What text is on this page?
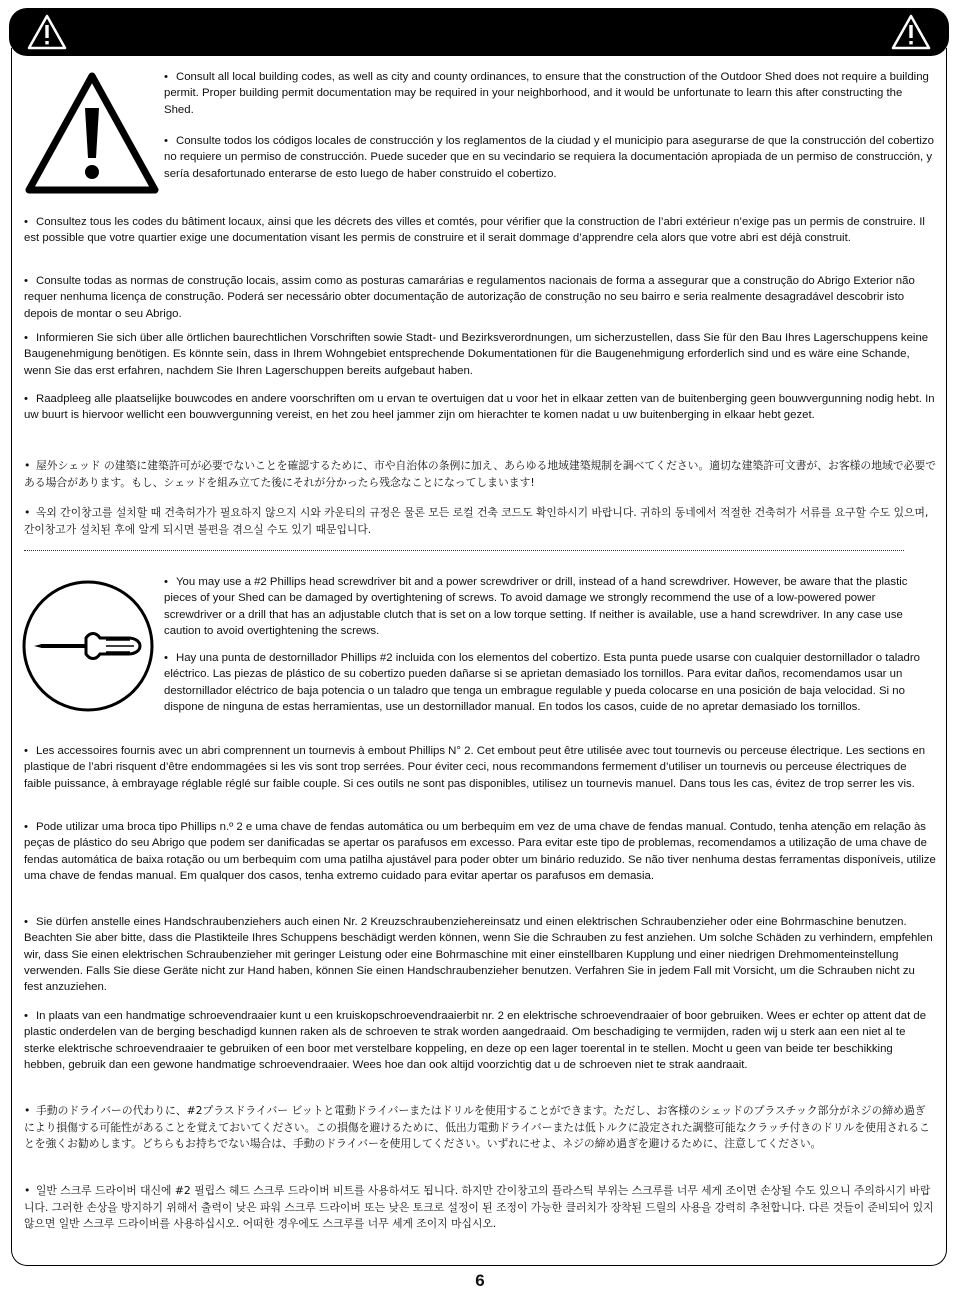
• Consult all local building codes, as well as city and county ordinances, to ensure that the construction of the Outdoor Shed does not require a building permit. Proper building permit documentation may be required in your neighborhood, and it would be unfortunate to learn this after constructing the Shed.

• Consulte todos los códigos locales de construcción y los reglamentos de la ciudad y el municipio para asegurarse de que la construcción del cobertizo no requiere un permiso de construcción. Puede suceder que en su vecindario se requiera la documentación apropiada de un permiso de construcción, y sería desafortunado enterarse de esto luego de haber construido el cobertizo.

• Consultez tous les codes du bâtiment locaux, ainsi que les décrets des villes et comtés, pour vérifier que la construction de l’abri extérieur n’exige pas un permis de construire. Il est possible que votre quartier exige une documentation visant les permis de construire et il serait dommage d’apprendre cela alors que votre abri est déjà construit.

• Consulte todas as normas de construção locais, assim como as posturas camarárias e regulamentos nacionais de forma a assegurar que a construção do Abrigo Exterior não requer nenhuma licença de construção. Poderá ser necessário obter documentação de autorização de construção no seu bairro e seria realmente desagradável descobrir isto depois de montar o seu Abrigo.

• Informieren Sie sich über alle örtlichen baurechtlichen Vorschriften sowie Stadt- und Bezirksverordnungen, um sicherzustellen, dass Sie für den Bau Ihres Lagerschuppens keine Baugenehmigung benötigen. Es könnte sein, dass in Ihrem Wohngebiet entsprechende Dokumentationen für die Baugenehmigung erforderlich sind und es wäre eine Schande, wenn Sie das erst erfahren, nachdem Sie Ihren Lagerschuppen bereits aufgebaut haben.

• Raadpleeg alle plaatselijke bouwcodes en andere voorschriften om u ervan te overtuigen dat u voor het in elkaar zetten van de buitenberging geen bouwvergunning nodig hebt. In uw buurt is hiervoor wellicht een bouwvergunning vereist, en het zou heel jammer zijn om hierachter te komen nadat u uw buitenberging in elkaar hebt gezet.

• 屋外シェッド の建築に建築許可が必要でないことを確認するために、市や自治体の条例に加え、あらゆる地域建築規制を調べてください。適切な建築許可文書が、お客様の地域で必要である場合があります。もし、シェッドを組み立てた後にそれが分かったら残念なことになってしまいます!

• 옥외 간이창고를 설치할 때 건축허가가 필요하지 않으지 시와 카운티의 규정은 물론 모든 로컬 건축 코드도 확인하시기 바랍니다. 귀하의 동네에서 적절한 건축허가 서류를 요구할 수도 있으며, 간이창고가 설치된 후에 알게 되시면 불편을 겪으실 수도 있기 때문입니다.

• You may use a #2 Phillips head screwdriver bit and a power screwdriver or drill, instead of a hand screwdriver. However, be aware that the plastic pieces of your Shed can be damaged by overtightening of screws. To avoid damage we strongly recommend the use of a low-powered power screwdriver or a drill that has an adjustable clutch that is set on a low torque setting. If neither is available, use a hand screwdriver. In any case use caution to avoid overtightening the screws.

• Hay una punta de destornillador Phillips #2 incluida con los elementos del cobertizo. Esta punta puede usarse con cualquier destornillador o taladro eléctrico. Las piezas de plástico de su cobertizo pueden dañarse si se aprietan demasiado los tornillos. Para evitar daños, recomendamos usar un destornillador eléctrico de baja potencia o un taladro que tenga un embrague regulable y pueda colocarse en una posición de baja velocidad. Si no dispone de ninguna de estas herramientas, use un destornillador manual. En todos los casos, cuide de no apretar demasiado los tornillos.

• Les accessoires fournis avec un abri comprennent un tournevis à embout Phillips N° 2. Cet embout peut être utilisée avec tout tournevis ou perceuse électrique. Les sections en plastique de l’abri risquent d’être endommagées si les vis sont trop serrées. Pour éviter ceci, nous recommandons fermement d’utiliser un tournevis ou perceuse électriques de faible puissance, à embrayage réglable réglé sur faible couple. Si ces outils ne sont pas disponibles, utilisez un tournevis manuel. Dans tous les cas, évitez de trop serrer les vis.

• Pode utilizar uma broca tipo Phillips n.º 2 e uma chave de fendas automática ou um berbequim em vez de uma chave de fendas manual. Contudo, tenha atenção em relação às peças de plástico do seu Abrigo que podem ser danificadas se apertar os parafusos em excesso. Para evitar este tipo de problemas, recomendamos a utilização de uma chave de fendas automática de baixa rotação ou um berbequim com uma patilha ajustável para poder obter um binário reduzido. Se não tiver nenhuma destas ferramentas disponíveis, utilize uma chave de fendas manual. Em qualquer dos casos, tenha extremo cuidado para evitar apertar os parafusos em demasia.

• Sie dürfen anstelle eines Handschraubenziehers auch einen Nr. 2 Kreuzschraubenziehereinsatz und einen elektrischen Schraubenzieher oder eine Bohrmaschine benutzen. Beachten Sie aber bitte, dass die Plastikteile Ihres Schuppens beschädigt werden können, wenn Sie die Schrauben zu fest anziehen. Um solche Schäden zu verhindern, empfehlen wir, dass Sie einen elektrischen Schraubenzieher mit geringer Leistung oder eine Bohrmaschine mit einer einstellbaren Kupplung und einer niedrigen Drehmomenteinstellung verwenden. Falls Sie diese Geräte nicht zur Hand haben, können Sie einen Handschraubenzieher benutzen. Verfahren Sie in jedem Fall mit Vorsicht, um die Schrauben nicht zu fest anzuziehen.

• In plaats van een handmatige schroevendraaier kunt u een kruiskopschroevendraaierbit nr. 2 en elektrische schroevendraaier of boor gebruiken. Wees er echter op attent dat de plastic onderdelen van de berging beschadigd kunnen raken als de schroeven te strak worden aangedraaid. Om beschadiging te vermijden, raden wij u sterk aan een niet al te sterke elektrische schroevendraaier te gebruiken of een boor met verstelbare koppeling, en deze op een lager toerental in te stellen. Mocht u geen van beide ter beschikking hebben, gebruik dan een gewone handmatige schroevendraaier. Wees hoe dan ook altijd voorzichtig dat u de schroeven niet te strak aandraait.

• 手動のドライバーの代わりに、#2プラスドライバー ビットと電動ドライバーまたはドリルを使用することができます。ただし、お客様のシェッドのプラスチック部分がネジの締め過ぎにより損傷する可能性があることを覚えておいてください。この損傷を避けるために、低出力電動ドライバーまたは低トルクに設定された調整可能なクラッチ付きのドリルを使用されることを強くお勧めします。どちらもお持ちでない場合は、手動のドライバーを使用してください。いずれにせよ、ネジの締め過ぎを避けるために、注意してください。

• 일반 스크루 드라이버 대신에 #2 필립스 헤드 스크루 드라이버 비트를 사용하셔도 됩니다. 하지만 간이창고의 플라스틱 부위는 스크루를 너무 세게 조이면 손상될 수도 있으니 주의하시기 바랍니다. 그러한 손상을 방지하기 위해서 출력이 낮은 파워 스크루 드라이버 또는 낮은 토크로 설정이 된 조정이 가능한 클러치가 장착된 드릴의 사용을 강력히 추천합니다. 다른 것들이 준비되어 있지 않으면 일반 스크루 드라이버를 사용하십시오. 어떠한 경우에도 스크루를 너무 세게 조이지 마십시오.

6
